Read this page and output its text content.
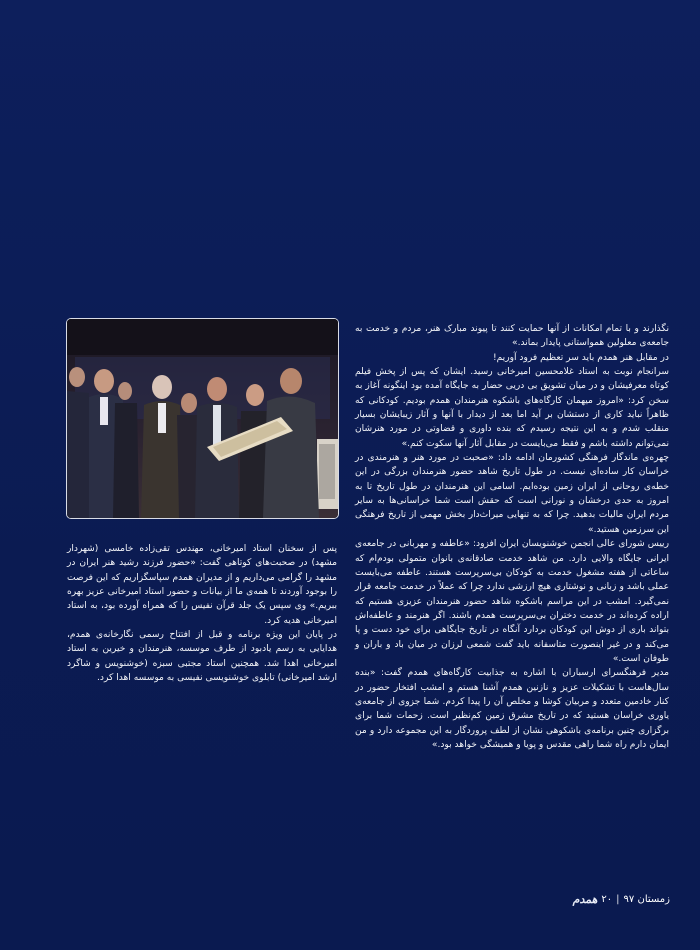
نگذارند و با تمام امکانات از آنها حمایت کنند تا پیوند مبارک هنر، مردم و خدمت به جامعه‌ی معلولین همواستانی پایدار بماند.»

در مقابل هنر همدم باید سر تعظیم فرود آوریم!

سرانجام نوبت به استاد غلامحسین امیرخانی رسید. ایشان که پس از پخش فیلم کوتاه معرفیشان و در میان تشویق بی دریی حضار به جایگاه آمده بود اینگونه آغاز به سخن کرد: «امروز میهمان کارگاه‌های باشکوه هنرمندان همدم بودیم. کودکانی که ظاهراً نباید کاری از دستشان بر آید اما بعد از دیدار با آنها و آثار زیبایشان بسیار منقلب شدم و به این نتیجه رسیدم که بنده داوری و قضاوتی در مورد هنرشان نمی‌توانم داشته باشم و فقط می‌بایست در مقابل آثار آنها سکوت کنم.»

چهره‌ی ماندگار فرهنگی کشورمان ادامه داد: «صحبت در مورد هنر و هنرمندی در خراسان کار ساده‌ای نیست. در طول تاریخ شاهد حضور هنرمندان بزرگی در این خطه‌ی روحانی از ایران زمین بوده‌ایم. اسامی این هنرمندان در طول تاریخ تا به امروز به حدی درخشان و نورانی است که حقش است شما خراسانی‌ها به سایر مردم ایران مالیات بدهید. چرا که به تنهایی میراث‌دار بخش مهمی از تاریخ فرهنگی این سرزمین هستید.»

رییس شورای عالی انجمن خوشنویسان ایران افزود: «عاطفه و مهربانی در جامعه‌ی ایرانی جایگاه والایی دارد. من شاهد خدمت صادقانه‌ی بانوان متمولی بودم‌ام که ساعاتی از هفته مشغول خدمت به کودکان بی‌سرپرست هستند. عاطفه می‌بایست عملی باشد و زبانی و نوشتاری هیچ ارزشی ندارد چرا که عملاً در خدمت جامعه قرار نمی‌گیرد. امشب در این مراسم باشکوه شاهد حضور هنرمندان عزیزی هستیم که اراده کرده‌اند در خدمت دختران بی‌سرپرست همدم باشند. اگر هنرمند و عاطفه‌اش بتواند باری از دوش این کودکان بردارد آنگاه در تاریخ جایگاهی برای خود دست و پا می‌کند و در غیر اینصورت متاسفانه باید گفت شمعی لرزان در میان باد و باران و طوفان است.»

مدیر فرهنگسرای ارسباران با اشاره به جذابیت کارگاه‌های همدم گفت: «بنده سال‌هاست با تشکیلات عزیز و نازنین همدم آشنا هستم و امشب افتخار حضور در کنار خادمین متعدد و مربیان کوشا و مخلص آن را پیدا کردم. شما جزوی از جامعه‌ی یاوری خراسان هستید که در تاریخ مشرق زمین کم‌نظیر است. زحمات شما برای برگزاری چنین برنامه‌ی باشکوهی نشان از لطف پروردگار به این مجموعه دارد و من ایمان دارم راه شما راهی مقدس و پویا و همیشگی خواهد بود.»

پس از سخنان استاد امیرخانی، مهندس تقی‌زاده خامسی (شهردار مشهد) در صحبت‌های کوتاهی گفت: «حضور فرزند رشید هنر ایران در مشهد را گرامی می‌داریم و از مدیران همدم سپاسگزاریم که این فرصت را بوجود آوردند تا همه‌ی ما از بیانات و حضور استاد امیرخانی عزیز بهره ببریم.» وی سپس یک جلد قرآن نفیس را که همراه آورده بود، به استاد امیرخانی هدیه کرد.

در پایان این ویژه برنامه و قبل از افتتاح رسمی نگارخانه‌ی همدم، هدایایی به رسم یادبود از طرف موسسه، هنرمندان و خیرین به استاد امیرخانی اهدا شد. همچنین استاد مجتبی سبزه (خوشنویس و شاگرد ارشد امیرخانی) تابلوی خوشنویسی نفیسی به موسسه اهدا کرد.

زمستان ۹۷
|
۲۰
همدم
